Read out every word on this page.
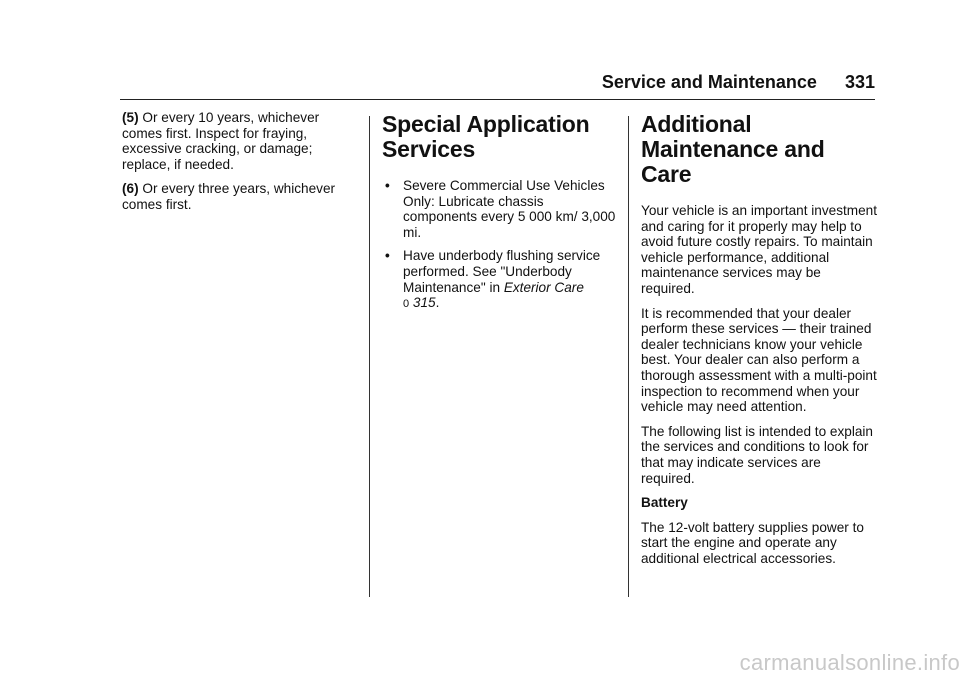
Service and Maintenance 331

(5) Or every 10 years, whichever comes first. Inspect for fraying, excessive cracking, or damage; replace, if needed.

(6) Or every three years, whichever comes first.

Special Application Services
• Severe Commercial Use Vehicles Only: Lubricate chassis components every 5 000 km/ 3,000 mi.
• Have underbody flushing service performed. See "Underbody Maintenance" in Exterior Care
0 315.
Additional Maintenance and Care

Your vehicle is an important investment and caring for it properly may help to avoid future costly repairs. To maintain vehicle performance, additional maintenance services may be required.

It is recommended that your dealer perform these services — their trained dealer technicians know your vehicle best. Your dealer can also perform a thorough assessment with a multi-point inspection to recommend when your vehicle may need attention.

The following list is intended to explain the services and conditions to look for that may indicate services are required.

Battery

The 12-volt battery supplies power to start the engine and operate any additional electrical accessories.

carmanualsonline.info
